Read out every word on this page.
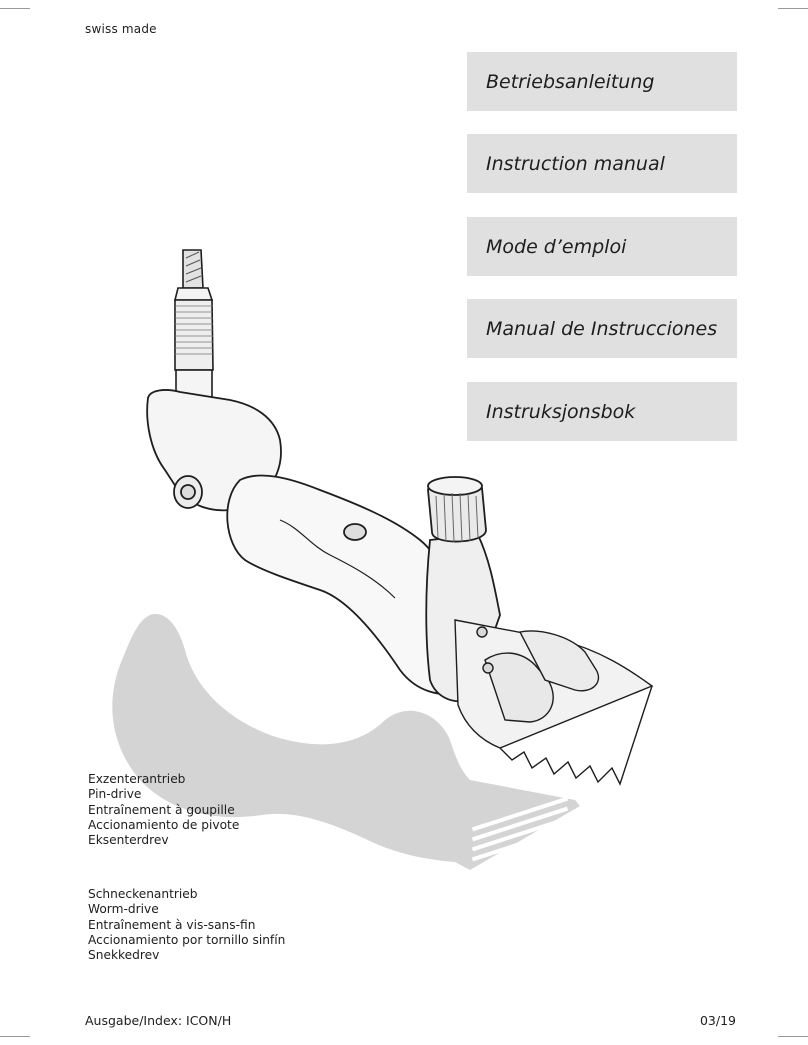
swiss made
Betriebsanleitung
Instruction manual
Mode d’emploi
Manual de Instrucciones
Instruksjonsbok
Exzenterantrieb
Pin-drive
Entraînement à goupille
Accionamiento de pivote
Eksenterdrev
Schneckenantrieb
Worm-drive
Entraînement à vis-sans-fin
Accionamiento por tornillo sinfín
Snekkedrev
Ausgabe/Index: ICON/H	03/19
